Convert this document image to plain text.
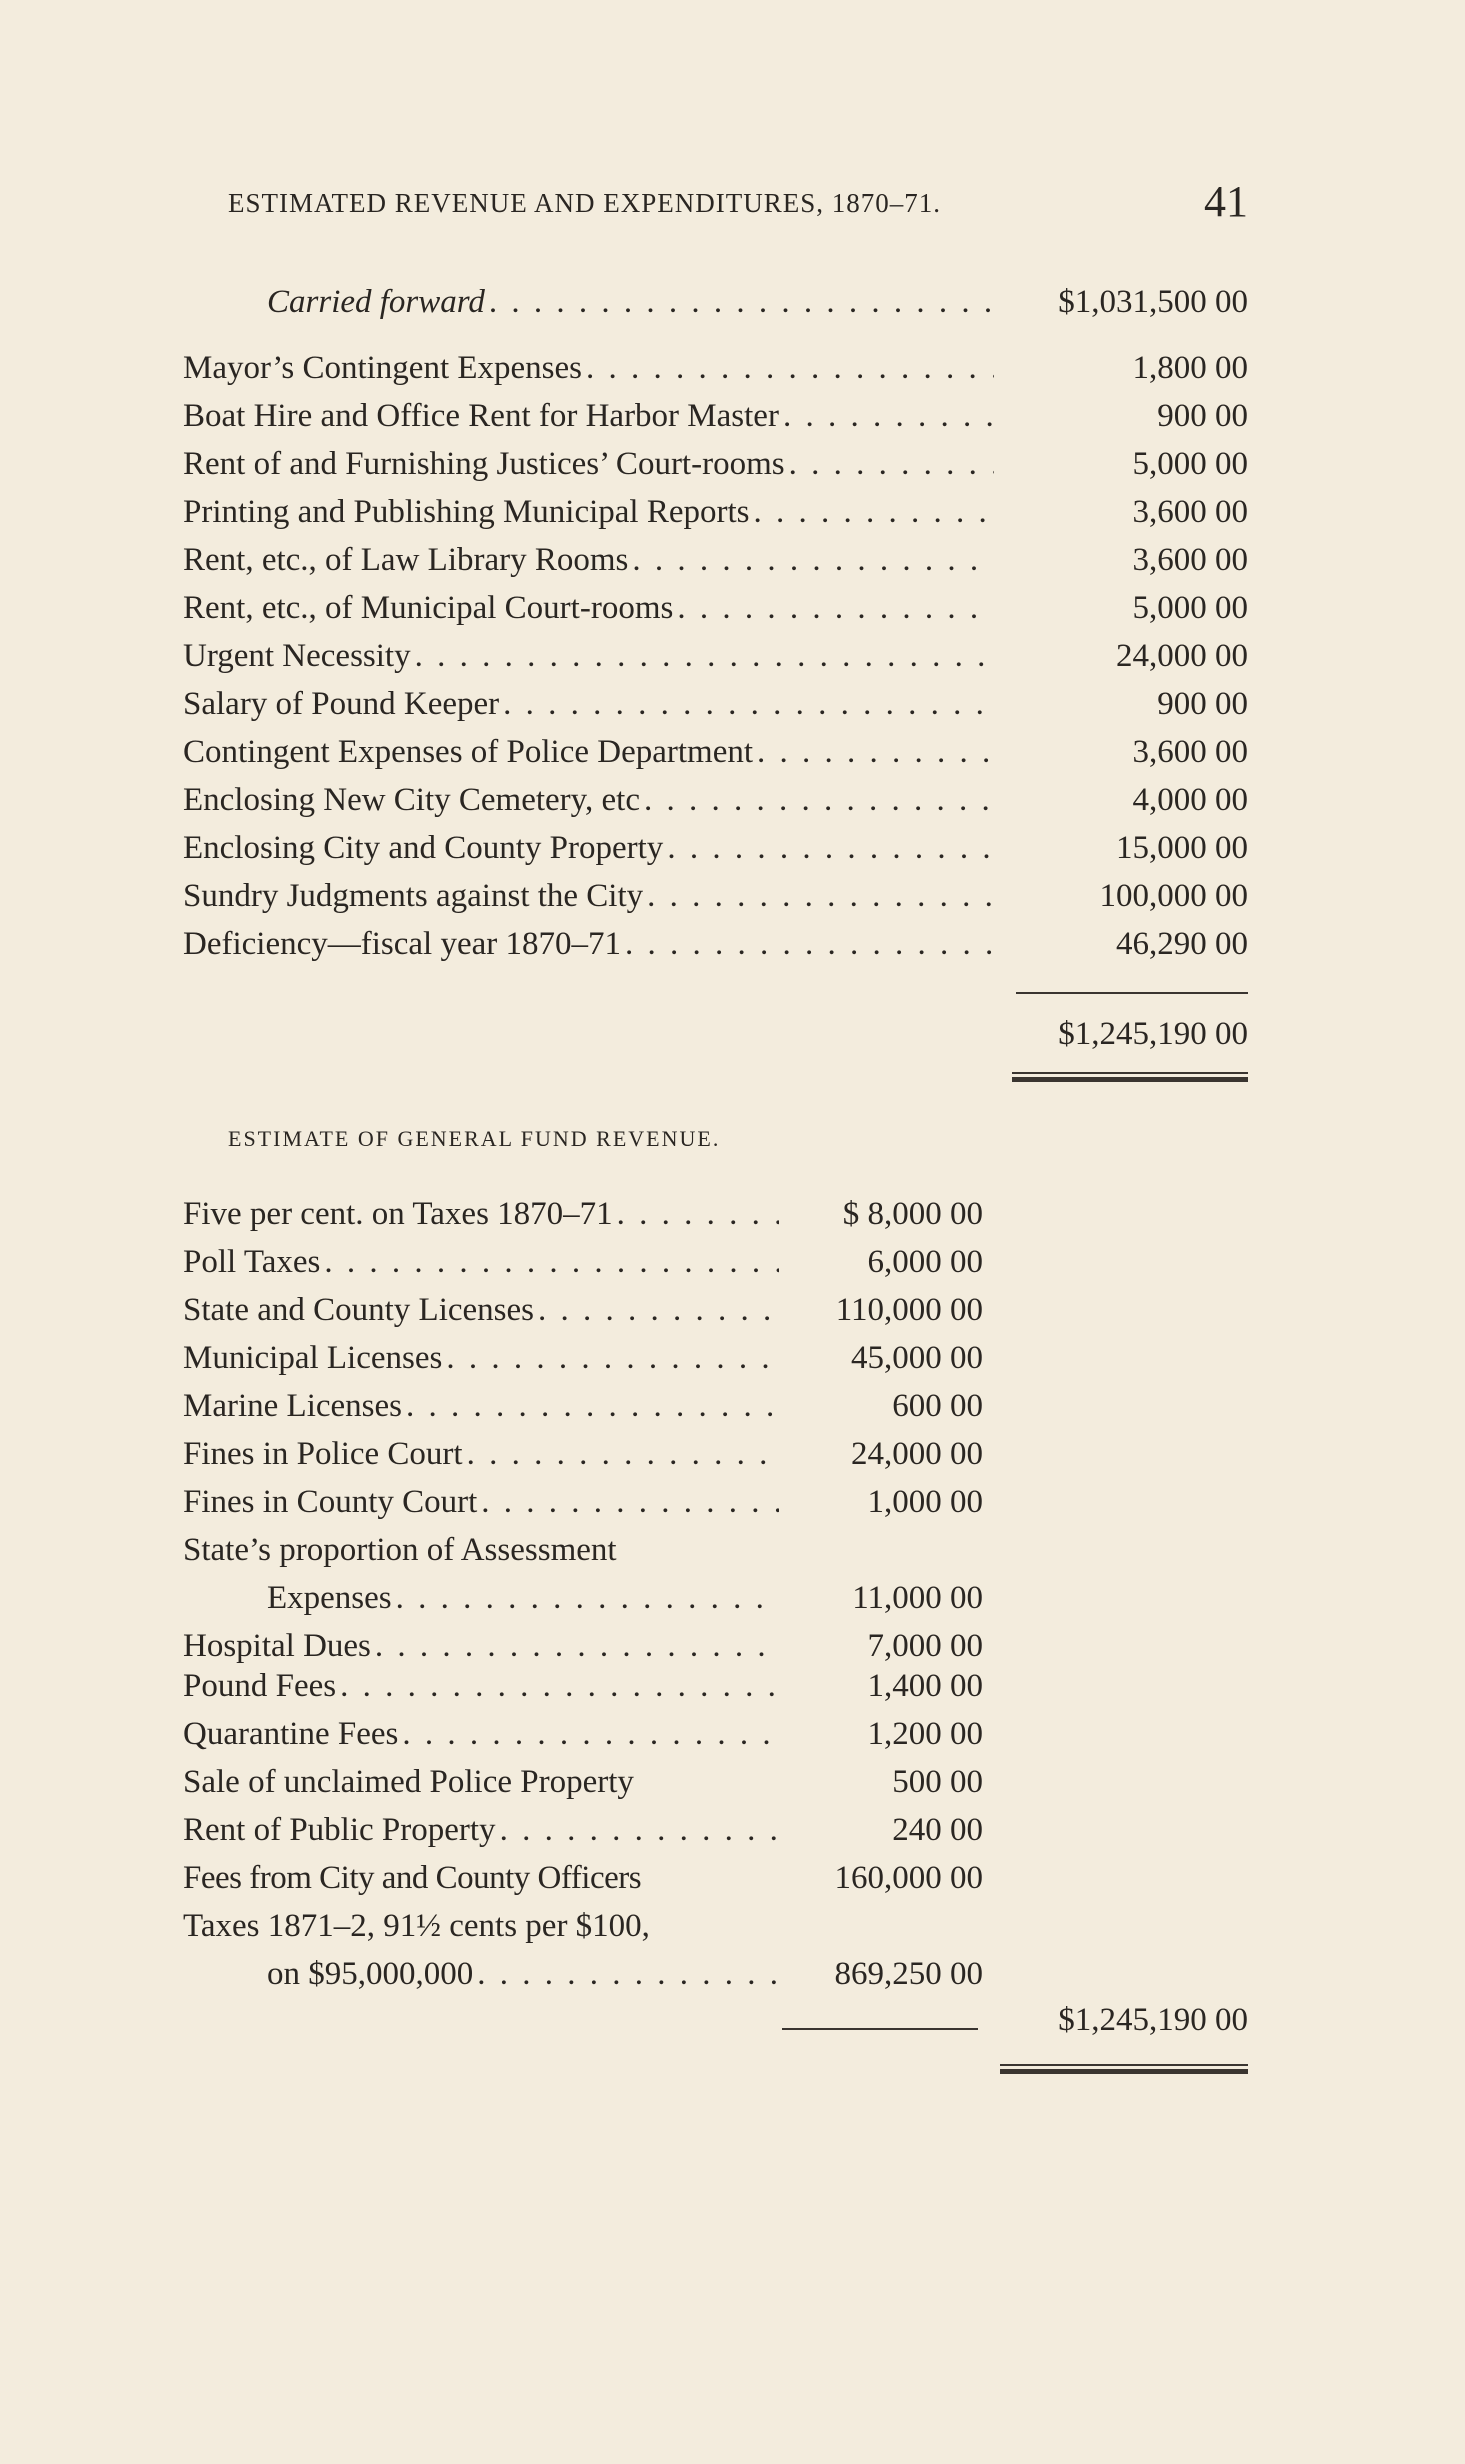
ESTIMATED REVENUE AND EXPENDITURES, 1870–71.	41
Carried forward . . .	$1,031,500 00
Mayor’s Contingent Expenses . . .	1,800 00
Boat Hire and Office Rent for Harbor Master . . .	900 00
Rent of and Furnishing Justices’ Court-rooms . . .	5,000 00
Printing and Publishing Municipal Reports . . .	3,600 00
Rent, etc., of Law Library Rooms . . .	3,600 00
Rent, etc., of Municipal Court-rooms . . .	5,000 00
Urgent Necessity . . .	24,000 00
Salary of Pound Keeper . . .	900 00
Contingent Expenses of Police Department . . .	3,600 00
Enclosing New City Cemetery, etc . . .	4,000 00
Enclosing City and County Property . . .	15,000 00
Sundry Judgments against the City . . .	100,000 00
Deficiency—fiscal year 1870–71 . . .	46,290 00
$1,245,190 00
ESTIMATE OF GENERAL FUND REVENUE.
Five per cent. on Taxes 1870–71 . . .	$ 8,000 00
Poll Taxes . . .	6,000 00
State and County Licenses . . .	110,000 00
Municipal Licenses . . .	45,000 00
Marine Licenses . . .	600 00
Fines in Police Court . . .	24,000 00
Fines in County Court . . .	1,000 00
State’s proportion of Assessment
Expenses . . .	11,000 00
Hospital Dues . . .	7,000 00
Pound Fees . . .	1,400 00
Quarantine Fees . . .	1,200 00
Sale of unclaimed Police Property	500 00
Rent of Public Property . . .	240 00
Fees from City and County Officers	160,000 00
Taxes 1871–2, 91½ cents per $100,
on $95,000,000 . . .	869,250 00
$1,245,190 00
